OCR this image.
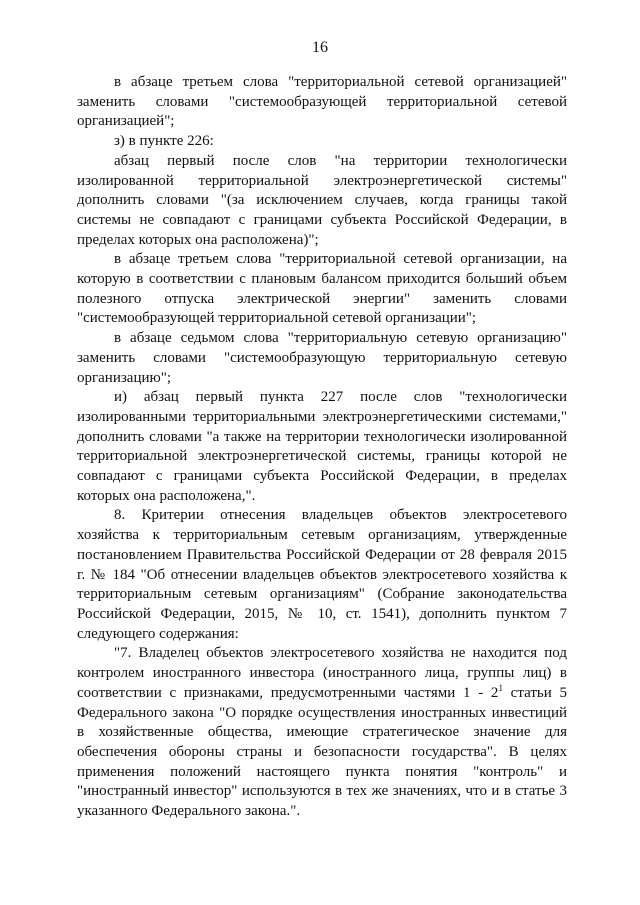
16

в абзаце третьем слова "территориальной сетевой организацией" заменить словами "системообразующей территориальной сетевой организацией";

з) в пункте 226:

абзац первый после слов "на территории технологически изолированной территориальной электроэнергетической системы" дополнить словами "(за исключением случаев, когда границы такой системы не совпадают с границами субъекта Российской Федерации, в пределах которых она расположена)";

в абзаце третьем слова "территориальной сетевой организации, на которую в соответствии с плановым балансом приходится больший объем полезного отпуска электрической энергии" заменить словами "системообразующей территориальной сетевой организации";

в абзаце седьмом слова "территориальную сетевую организацию" заменить словами "системообразующую территориальную сетевую организацию";

и) абзац первый пункта 227 после слов "технологически изолированными территориальными электроэнергетическими системами," дополнить словами "а также на территории технологически изолированной территориальной электроэнергетической системы, границы которой не совпадают с границами субъекта Российской Федерации, в пределах которых она расположена,".

8. Критерии отнесения владельцев объектов электросетевого хозяйства к территориальным сетевым организациям, утвержденные постановлением Правительства Российской Федерации от 28 февраля 2015 г. № 184 "Об отнесении владельцев объектов электросетевого хозяйства к территориальным сетевым организациям" (Собрание законодательства Российской Федерации, 2015, № 10, ст. 1541), дополнить пунктом 7 следующего содержания:

"7. Владелец объектов электросетевого хозяйства не находится под контролем иностранного инвестора (иностранного лица, группы лиц) в соответствии с признаками, предусмотренными частями $1 - 2^1$ статьи 5 Федерального закона "О порядке осуществления иностранных инвестиций в хозяйственные общества, имеющие стратегическое значение для обеспечения обороны страны и безопасности государства". В целях применения положений настоящего пункта понятия "контроль" и "иностранный инвестор" используются в тех же значениях, что и в статье 3 указанного Федерального закона.".
